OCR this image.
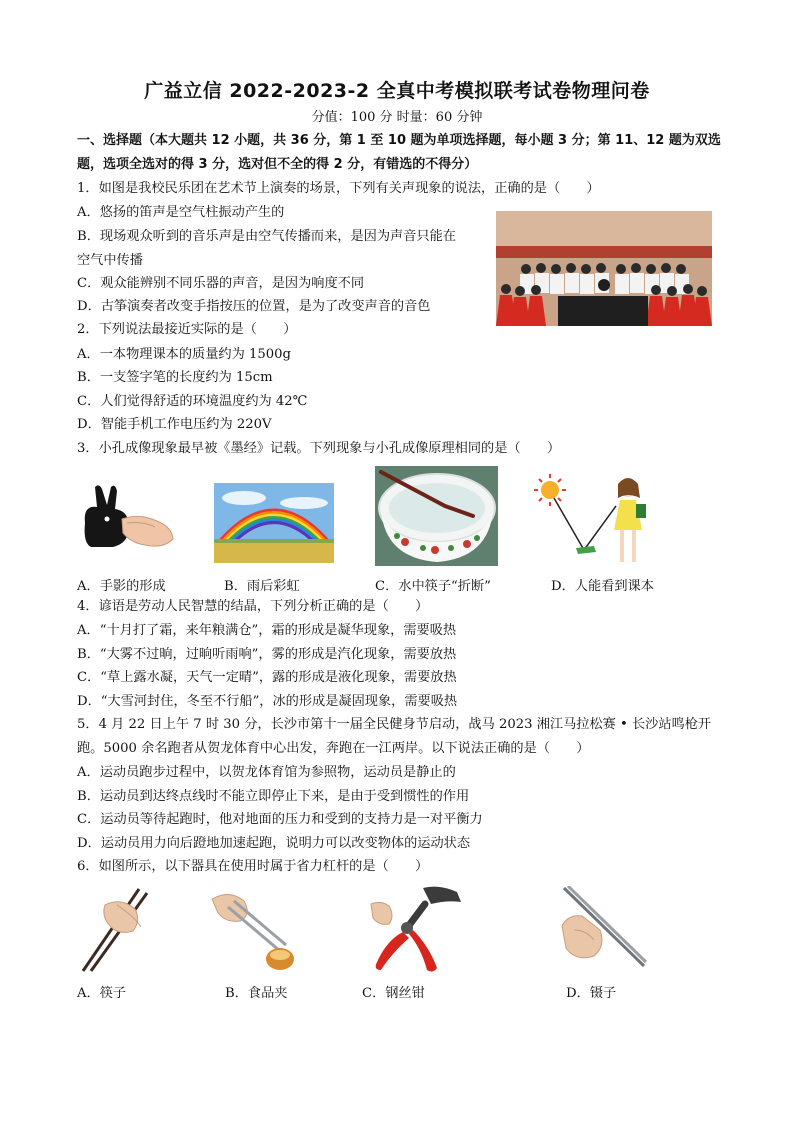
广益立信 2022-2023-2 全真中考模拟联考试卷物理问卷
分值：100 分 时量：60 分钟
一、选择题（本大题共 12 小题，共 36 分，第 1 至 10 题为单项选择题，每小题 3 分；第 11、12 题为双选
题，选项全选对的得 3 分，选对但不全的得 2 分，有错选的不得分）
1．如图是我校民乐团在艺术节上演奏的场景，下列有关声现象的说法，正确的是（　　）
A．悠扬的笛声是空气柱振动产生的
B．现场观众听到的音乐声是由空气传播而来，是因为声音只能在
空气中传播
C．观众能辨别不同乐器的声音，是因为响度不同
D．古筝演奏者改变手指按压的位置，是为了改变声音的音色
2．下列说法最接近实际的是（　　）
A．一本物理课本的质量约为 1500g
B．一支签字笔的长度约为 15cm
C．人们觉得舒适的环境温度约为 42℃
D．智能手机工作电压约为 220V
3．小孔成像现象最早被《墨经》记载。下列现象与小孔成像原理相同的是（　　）
A．手影的形成	B．雨后彩虹	C．水中筷子“折断”	D．人能看到课本
4．谚语是劳动人民智慧的结晶，下列分析正确的是（　　）
A．“十月打了霜，来年粮满仓”，霜的形成是凝华现象，需要吸热
B．“大雾不过晌，过晌听雨响”，雾的形成是汽化现象，需要放热
C．“草上露水凝，天气一定晴”，露的形成是液化现象，需要放热
D．“大雪河封住，冬至不行船”，冰的形成是凝固现象，需要吸热
5．4 月 22 日上午 7 时 30 分，长沙市第十一届全民健身节启动，战马 2023 湘江马拉松赛 • 长沙站鸣枪开
跑。5000 余名跑者从贺龙体育中心出发，奔跑在一江两岸。以下说法正确的是（　　）
A．运动员跑步过程中，以贺龙体育馆为参照物，运动员是静止的
B．运动员到达终点线时不能立即停止下来，是由于受到惯性的作用
C．运动员等待起跑时，他对地面的压力和受到的支持力是一对平衡力
D．运动员用力向后蹬地加速起跑，说明力可以改变物体的运动状态
6．如图所示，以下器具在使用时属于省力杠杆的是（　　）
A．筷子	B．食品夹	C．钢丝钳	D．镊子
